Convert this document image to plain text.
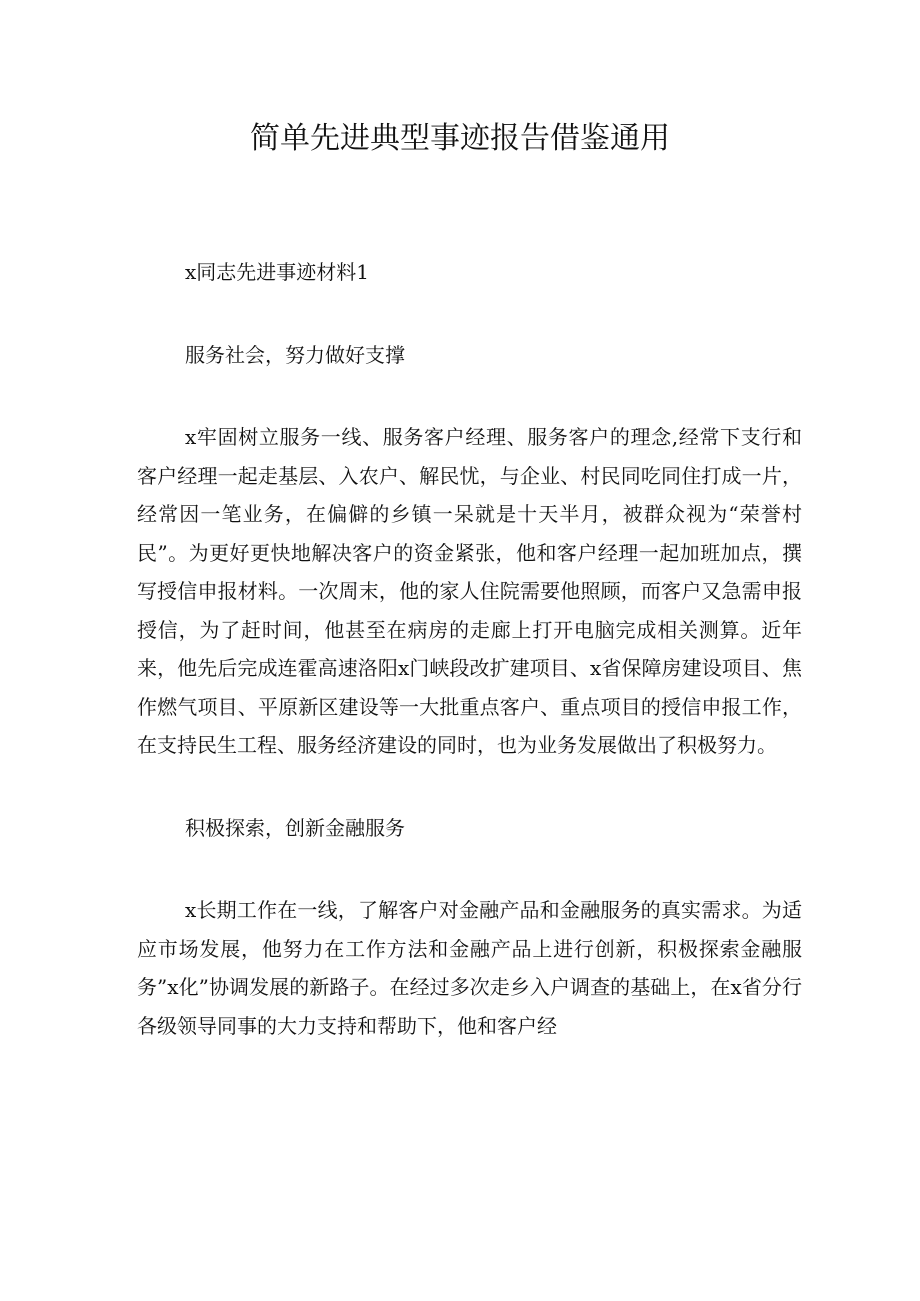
简单先进典型事迹报告借鉴通用

x同志先进事迹材料1

服务社会，努力做好支撑

x牢固树立服务一线、服务客户经理、服务客户的理念,经常下支行和客户经理一起走基层、入农户、解民忧，与企业、村民同吃同住打成一片，经常因一笔业务，在偏僻的乡镇一呆就是十天半月，被群众视为“荣誉村民”。为更好更快地解决客户的资金紧张，他和客户经理一起加班加点，撰写授信申报材料。一次周末，他的家人住院需要他照顾，而客户又急需申报授信，为了赶时间，他甚至在病房的走廊上打开电脑完成相关测算。近年来，他先后完成连霍高速洛阳x门峡段改扩建项目、x省保障房建设项目、焦作燃气项目、平原新区建设等一大批重点客户、重点项目的授信申报工作，在支持民生工程、服务经济建设的同时，也为业务发展做出了积极努力。

积极探索，创新金融服务

x长期工作在一线，了解客户对金融产品和金融服务的真实需求。为适应市场发展，他努力在工作方法和金融产品上进行创新，积极探索金融服务”x化”协调发展的新路子。在经过多次走乡入户调查的基础上，在x省分行各级领导同事的大力支持和帮助下，他和客户经
